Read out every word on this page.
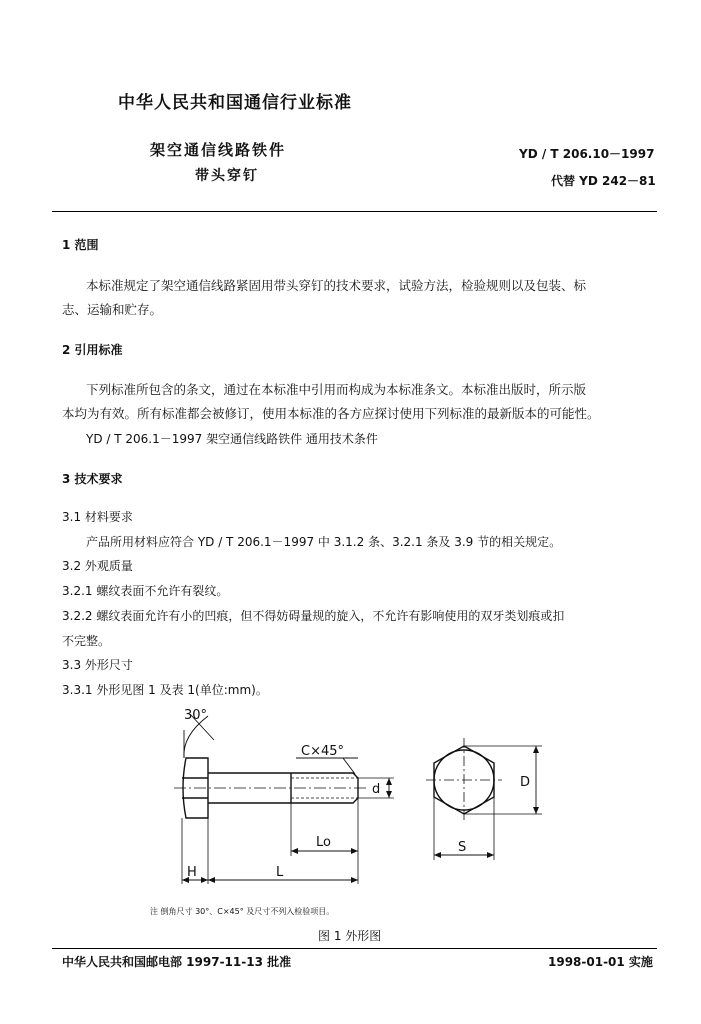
中华人民共和国通信行业标准
架空通信线路铁件
带头穿钉
YD / T 206.10－1997
代替 YD 242－81
1 范围
本标准规定了架空通信线路紧固用带头穿钉的技术要求，试验方法，检验规则以及包装、标
志、运输和贮存。
2 引用标准
下列标准所包含的条文，通过在本标准中引用而构成为本标准条文。本标准出版时，所示版
本均为有效。所有标准都会被修订，使用本标准的各方应探讨使用下列标准的最新版本的可能性。
YD / T 206.1－1997 架空通信线路铁件 通用技术条件
3 技术要求
3.1 材料要求
产品所用材料应符合 YD / T 206.1－1997 中 3.1.2 条、3.2.1 条及 3.9 节的相关规定。
3.2 外观质量
3.2.1 螺纹表面不允许有裂纹。
3.2.2 螺纹表面允许有小的凹痕，但不得妨碍量规的旋入，不允许有影响使用的双牙类划痕或扣
不完整。
3.3 外形尺寸
3.3.1 外形见图 1 及表 1(单位:mm)。
30°
C×45°
d
Lo
H	L
D
S
注 倒角尺寸 30°、C×45° 及尺寸不列入检验项目。
图 1 外形图
中华人民共和国邮电部 1997-11-13 批准	1998-01-01 实施
